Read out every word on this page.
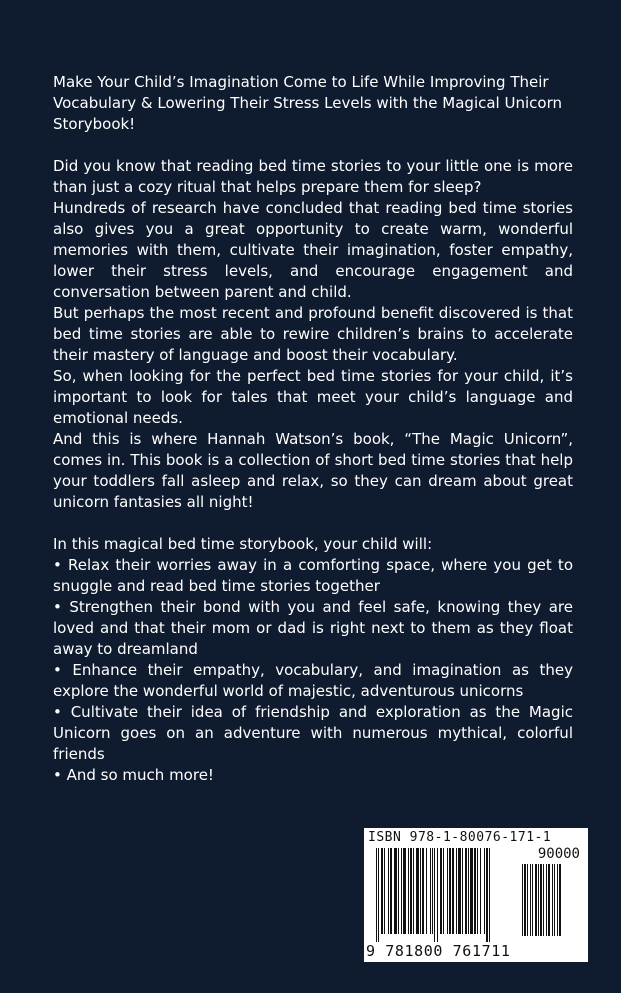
Make Your Child’s Imagination Come to Life While Improving Their Vocabulary & Lowering Their Stress Levels with the Magical Unicorn Storybook!

Did you know that reading bed time stories to your little one is more than just a cozy ritual that helps prepare them for sleep?

Hundreds of research have concluded that reading bed time stories also gives you a great opportunity to create warm, wonderful memories with them, cultivate their imagination, foster empathy, lower their stress levels, and encourage engagement and conversation between parent and child.

But perhaps the most recent and profound benefit discovered is that bed time stories are able to rewire children’s brains to accelerate their mastery of language and boost their vocabulary.

So, when looking for the perfect bed time stories for your child, it’s important to look for tales that meet your child’s language and emotional needs.

And this is where Hannah Watson’s book, “The Magic Unicorn”, comes in. This book is a collection of short bed time stories that help your toddlers fall asleep and relax, so they can dream about great unicorn fantasies all night!

In this magical bed time storybook, your child will:

• Relax their worries away in a comforting space, where you get to snuggle and read bed time stories together

• Strengthen their bond with you and feel safe, knowing they are loved and that their mom or dad is right next to them as they float away to dreamland

• Enhance their empathy, vocabulary, and imagination as they explore the wonderful world of majestic, adventurous unicorns

• Cultivate their idea of friendship and exploration as the Magic Unicorn goes on an adventure with numerous mythical, colorful friends

• And so much more!

ISBN 978-1-80076-171-1
90000
9 781800 761711
